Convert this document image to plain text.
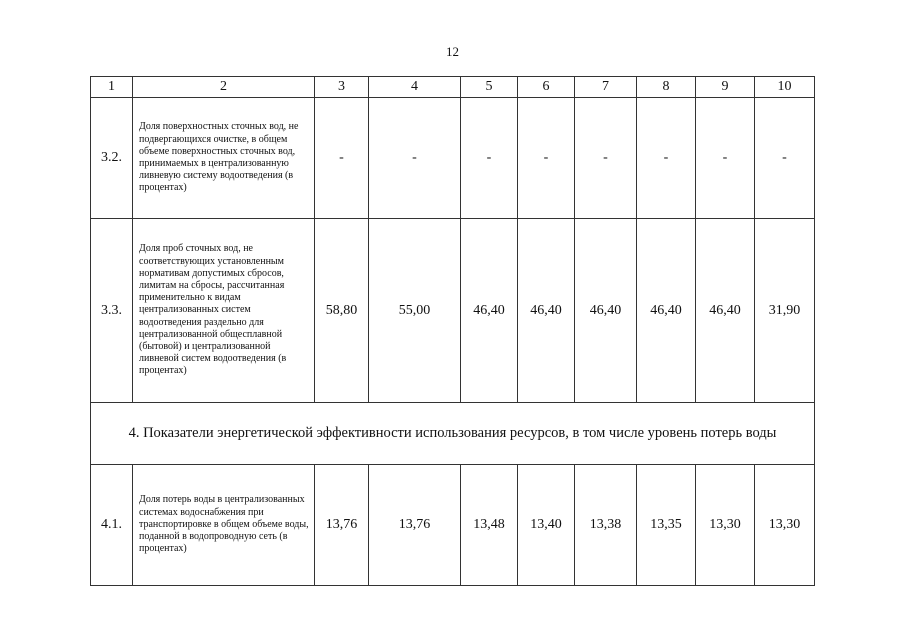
12
1	2	3	4	5	6	7	8	9	10
3.2.	Доля поверхностных сточных вод, не подвергающихся очистке, в общем объеме поверхностных сточных вод, принимаемых в централизованную ливневую систему водоотведения (в процентах)	-	-	-	-	-	-	-	-
3.3.	Доля проб сточных вод, не соответствующих установленным нормативам допустимых сбросов, лимитам на сбросы, рассчитанная применительно к видам централизованных систем водоотведения раздельно для централизованной общесплавной (бытовой) и централизованной ливневой систем водоотведения (в процентах)	58,80	55,00	46,40	46,40	46,40	46,40	46,40	31,90
4. Показатели энергетической эффективности использования ресурсов, в том числе уровень потерь воды									
4.1.	Доля потерь воды в централизованных системах водоснабжения при транспортировке в общем объеме воды, поданной в водопроводную сеть (в процентах)	13,76	13,76	13,48	13,40	13,38	13,35	13,30	13,30
